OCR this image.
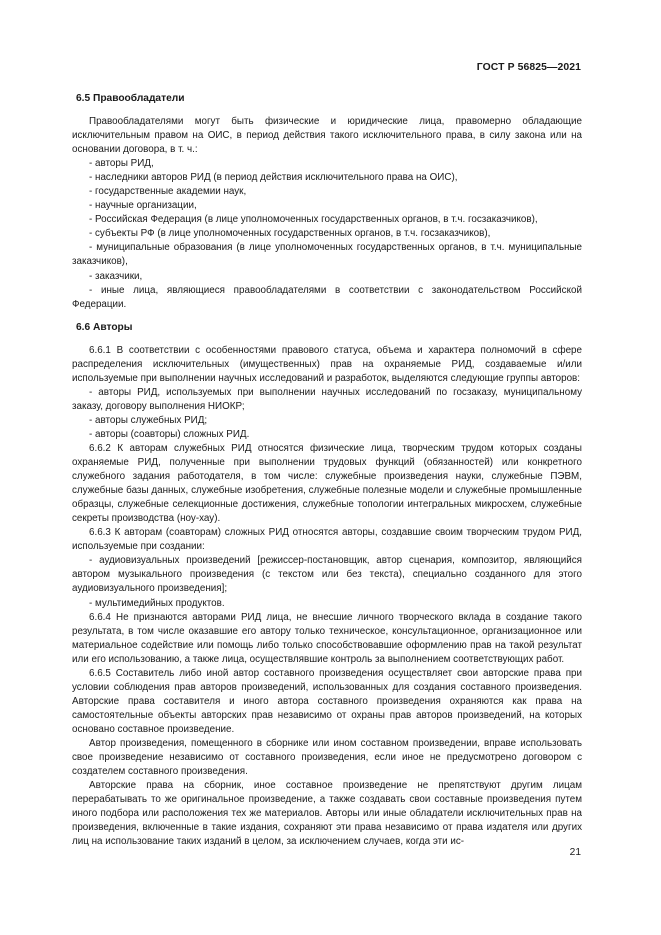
ГОСТ Р 56825—2021
6.5 Правообладатели

Правообладателями могут быть физические и юридические лица, правомерно обладающие исключительным правом на ОИС, в период действия такого исключительного права, в силу закона или на основании договора, в т. ч.:

- авторы РИД,

- наследники авторов РИД (в период действия исключительного права на ОИС),

- государственные академии наук,

- научные организации,

- Российская Федерация (в лице уполномоченных государственных органов, в т.ч. госзаказчиков),

- субъекты РФ (в лице уполномоченных государственных органов, в т.ч. госзаказчиков),

- муниципальные образования (в лице уполномоченных государственных органов, в т.ч. муниципальные заказчиков),

- заказчики,

- иные лица, являющиеся правообладателями в соответствии с законодательством Российской Федерации.

6.6 Авторы

6.6.1 В соответствии с особенностями правового статуса, объема и характера полномочий в сфере распределения исключительных (имущественных) прав на охраняемые РИД, создаваемые и/или используемые при выполнении научных исследований и разработок, выделяются следующие группы авторов:

- авторы РИД, используемых при выполнении научных исследований по госзаказу, муниципальному заказу, договору выполнения НИОКР;

- авторы служебных РИД;

- авторы (соавторы) сложных РИД.

6.6.2 К авторам служебных РИД относятся физические лица, творческим трудом которых созданы охраняемые РИД, полученные при выполнении трудовых функций (обязанностей) или конкретного служебного задания работодателя, в том числе: служебные произведения науки, служебные ПЭВМ, служебные базы данных, служебные изобретения, служебные полезные модели и служебные промышленные образцы, служебные селекционные достижения, служебные топологии интегральных микросхем, служебные секреты производства (ноу-хау).

6.6.3 К авторам (соавторам) сложных РИД относятся авторы, создавшие своим творческим трудом РИД, используемые при создании:

- аудиовизуальных произведений [режиссер-постановщик, автор сценария, композитор, являющийся автором музыкального произведения (с текстом или без текста), специально созданного для этого аудиовизуального произведения];

- мультимедийных продуктов.

6.6.4 Не признаются авторами РИД лица, не внесшие личного творческого вклада в создание такого результата, в том числе оказавшие его автору только техническое, консультационное, организационное или материальное содействие или помощь либо только способствовавшие оформлению прав на такой результат или его использованию, а также лица, осуществлявшие контроль за выполнением соответствующих работ.

6.6.5 Составитель либо иной автор составного произведения осуществляет свои авторские права при условии соблюдения прав авторов произведений, использованных для создания составного произведения. Авторские права составителя и иного автора составного произведения охраняются как права на самостоятельные объекты авторских прав независимо от охраны прав авторов произведений, на которых основано составное произведение.

Автор произведения, помещенного в сборнике или ином составном произведении, вправе использовать свое произведение независимо от составного произведения, если иное не предусмотрено договором с создателем составного произведения.

Авторские права на сборник, иное составное произведение не препятствуют другим лицам перерабатывать то же оригинальное произведение, а также создавать свои составные произведения путем иного подбора или расположения тех же материалов. Авторы или иные обладатели исключительных прав на произведения, включенные в такие издания, сохраняют эти права независимо от права издателя или других лиц на использование таких изданий в целом, за исключением случаев, когда эти ис-

21
